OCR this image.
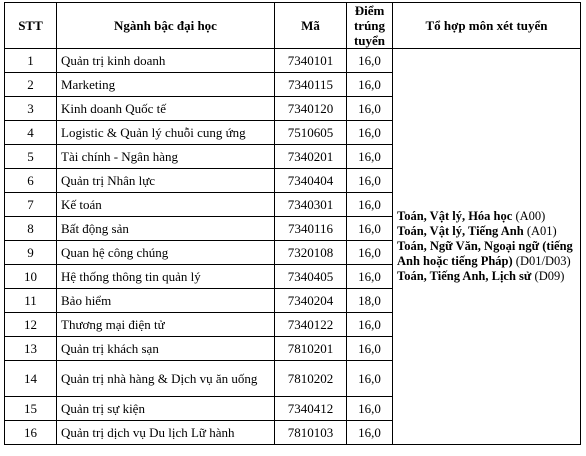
STT	Ngành bậc đại học	Mã	Điểm trúng tuyển	Tổ hợp môn xét tuyển
1	Quản trị kinh doanh	7340101	16,0	Toán, Vật lý, Hóa học (A00)
Toán, Vật lý, Tiếng Anh (A01)
Toán, Ngữ Văn, Ngoại ngữ (tiếng Anh hoặc tiếng Pháp) (D01/D03)
Toán, Tiếng Anh, Lịch sử (D09)

2	Marketing	7340115	16,0	
3	Kinh doanh Quốc tế	7340120	16,0	
4	Logistic & Quản lý chuỗi cung ứng	7510605	16,0	
5	Tài chính - Ngân hàng	7340201	16,0	
6	Quản trị Nhân lực	7340404	16,0	
7	Kế toán	7340301	16,0	
8	Bất động sản	7340116	16,0	
9	Quan hệ công chúng	7320108	16,0	
10	Hệ thống thông tin quản lý	7340405	16,0	
11	Bảo hiểm	7340204	18,0	
12	Thương mại điện tử	7340122	16,0	
13	Quản trị khách sạn	7810201	16,0	
14	Quản trị nhà hàng & Dịch vụ ăn uống	7810202	16,0	
15	Quản trị sự kiện	7340412	16,0	
16	Quản trị dịch vụ Du lịch Lữ hành	7810103	16,0	
